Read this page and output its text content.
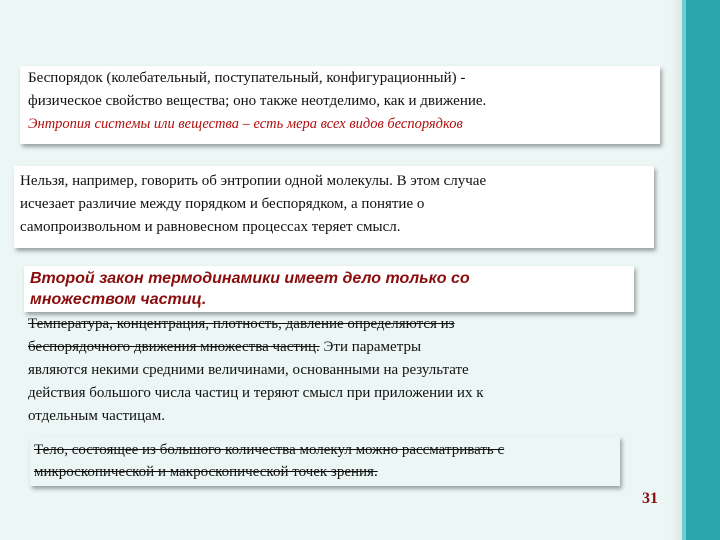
Беспорядок (колебательный, поступательный, конфигурационный) -
физическое свойство вещества; оно также неотделимо, как и движение.
Энтропия системы или вещества – есть мера всех видов беспорядков
Нельзя, например, говорить об энтропии одной молекулы. В этом случае
исчезает различие между порядком и беспорядком, а понятие о
самопроизвольном и равновесном процессах теряет смысл.
Второй закон термодинамики имеет дело только со
множеством частиц.
Температура, концентрация, плотность, давление определяются из
беспорядочного движения множества частиц. Эти параметры
являются некими средними величинами, основанными на результате
действия большого числа частиц и теряют смысл при приложении их к
отдельным частицам.
Тело, состоящее из большого количества молекул можно рассматривать с
микроскопической и макроскопической точек зрения.
31
